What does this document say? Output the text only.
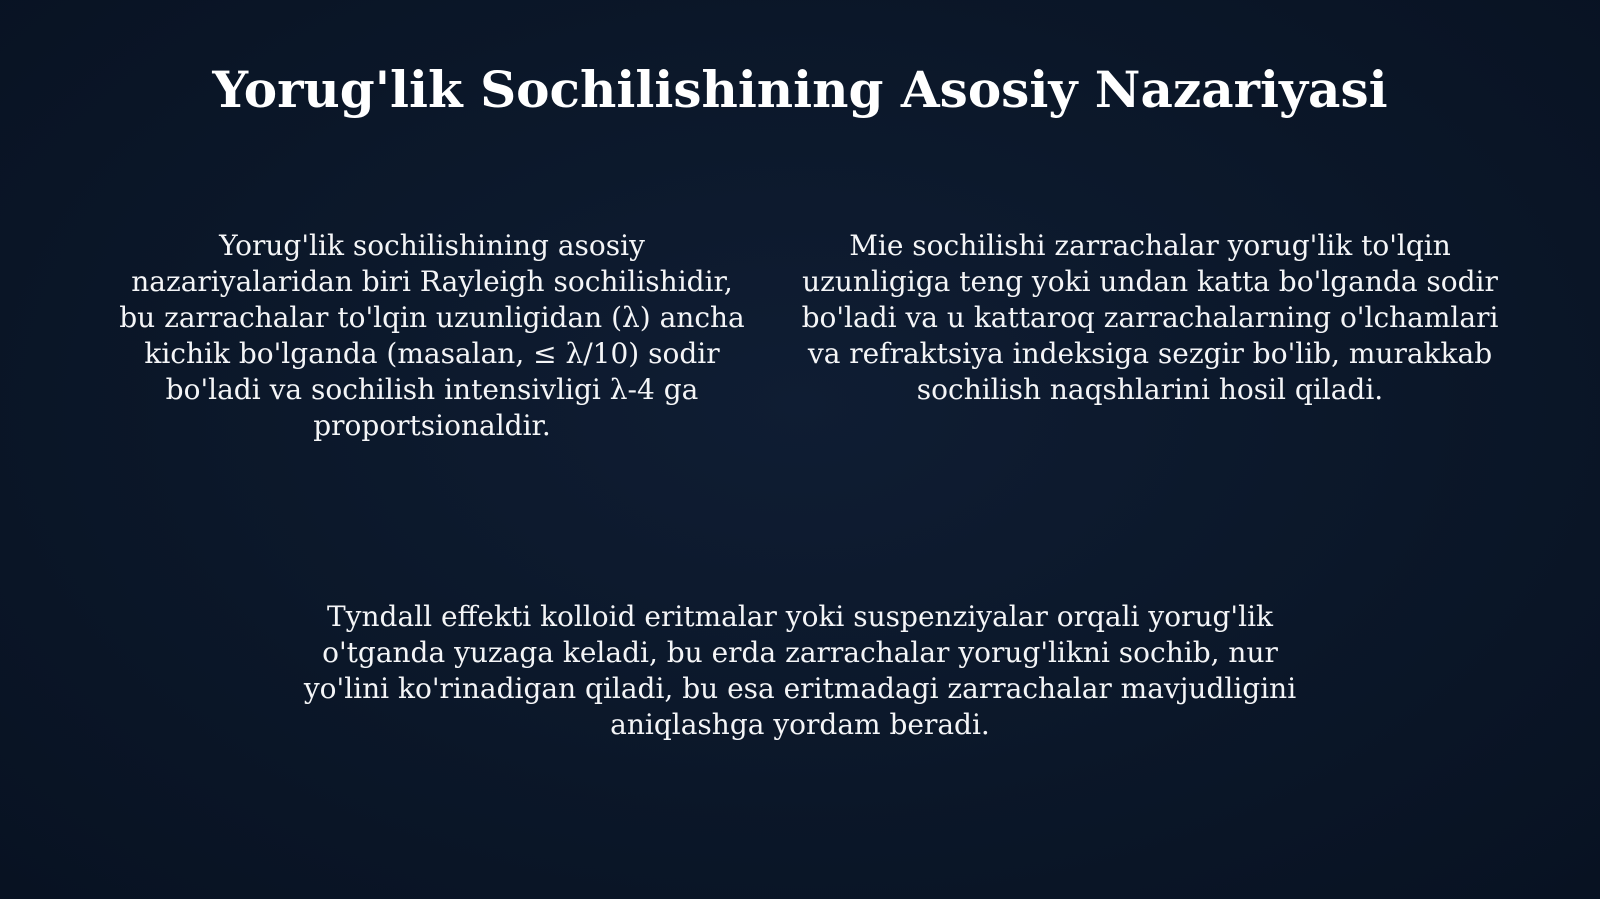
Yorug'lik Sochilishining Asosiy Nazariyasi

Yorug'lik sochilishining asosiy nazariyalaridan biri Rayleigh sochilishidir, bu zarrachalar to'lqin uzunligidan (λ) ancha kichik bo'lganda (masalan, ≤ λ/10) sodir bo'ladi va sochilish intensivligi λ-4 ga proportsionaldir.

Mie sochilishi zarrachalar yorug'lik to'lqin uzunligiga teng yoki undan katta bo'lganda sodir bo'ladi va u kattaroq zarrachalarning o'lchamlari va refraktsiya indeksiga sezgir bo'lib, murakkab sochilish naqshlarini hosil qiladi.

Tyndall effekti kolloid eritmalar yoki suspenziyalar orqali yorug'lik o'tganda yuzaga keladi, bu erda zarrachalar yorug'likni sochib, nur yo'lini ko'rinadigan qiladi, bu esa eritmadagi zarrachalar mavjudligini aniqlashga yordam beradi.
